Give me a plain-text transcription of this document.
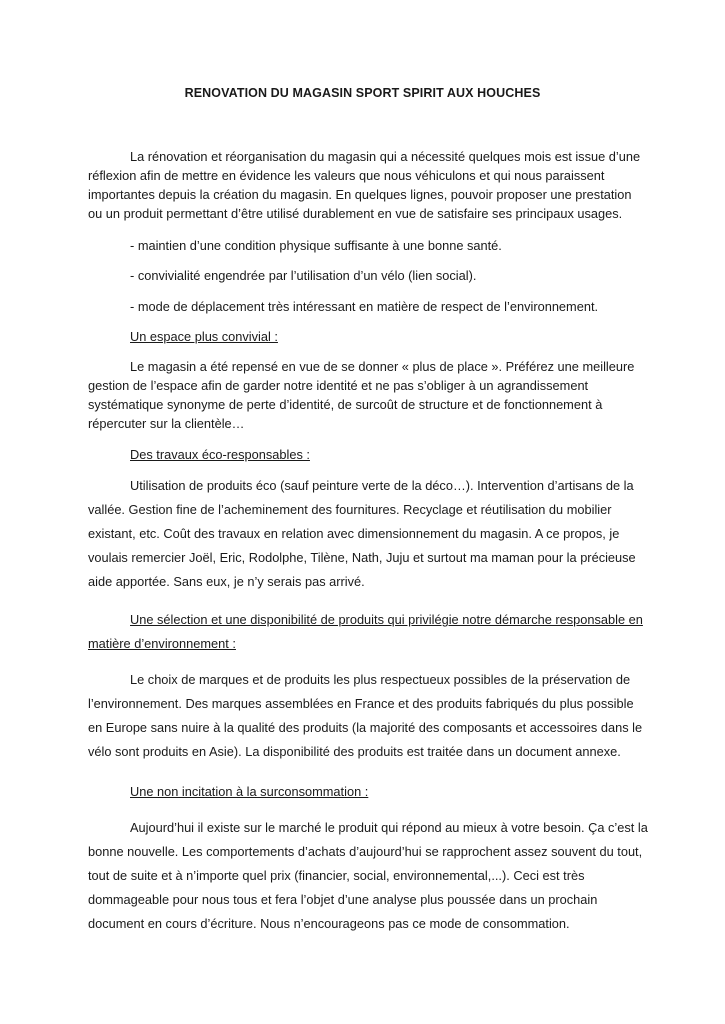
RENOVATION DU MAGASIN SPORT SPIRIT AUX HOUCHES

La rénovation et réorganisation du magasin qui a nécessité quelques mois est issue d’une réflexion afin de mettre en évidence les valeurs que nous véhiculons et qui nous paraissent importantes depuis la création du magasin. En quelques lignes, pouvoir proposer une prestation ou un produit permettant d’être utilisé durablement en vue de satisfaire ses principaux usages.

- maintien d’une condition physique suffisante à une bonne santé.

- convivialité engendrée par l’utilisation d’un vélo (lien social).

- mode de déplacement très intéressant en matière de respect de l’environnement.

Un espace plus convivial :

Le magasin a été repensé en vue de se donner « plus de place ». Préférez une meilleure gestion de l’espace afin de garder notre identité et ne pas s’obliger à un agrandissement systématique synonyme de perte d’identité, de surcoût de structure et de fonctionnement à répercuter sur la clientèle…

Des travaux éco-responsables :

Utilisation de produits éco (sauf peinture verte de la déco…). Intervention d’artisans de la vallée. Gestion fine de l’acheminement des fournitures. Recyclage et réutilisation du mobilier existant, etc. Coût des travaux en relation avec dimensionnement du magasin. A ce propos, je voulais remercier Joël, Eric, Rodolphe, Tilène, Nath, Juju et surtout ma maman pour la précieuse aide apportée. Sans eux, je n’y serais pas arrivé.

Une sélection et une disponibilité de produits qui privilégie notre démarche responsable en matière d’environnement :

Le choix de marques et de produits les plus respectueux possibles de la préservation de l’environnement. Des marques assemblées en France et des produits fabriqués du plus possible en Europe sans nuire à la qualité des produits (la majorité des composants et accessoires dans le vélo sont produits en Asie). La disponibilité des produits est traitée dans un document annexe.

Une non incitation à la surconsommation :

Aujourd’hui il existe sur le marché le produit qui répond au mieux à votre besoin. Ça c’est la bonne nouvelle. Les comportements d’achats d’aujourd’hui se rapprochent assez souvent du tout, tout de suite et à n’importe quel prix (financier, social, environnemental,...). Ceci est très dommageable pour nous tous et fera l’objet d’une analyse plus poussée dans un prochain document en cours d’écriture. Nous n’encourageons pas ce mode de consommation.
